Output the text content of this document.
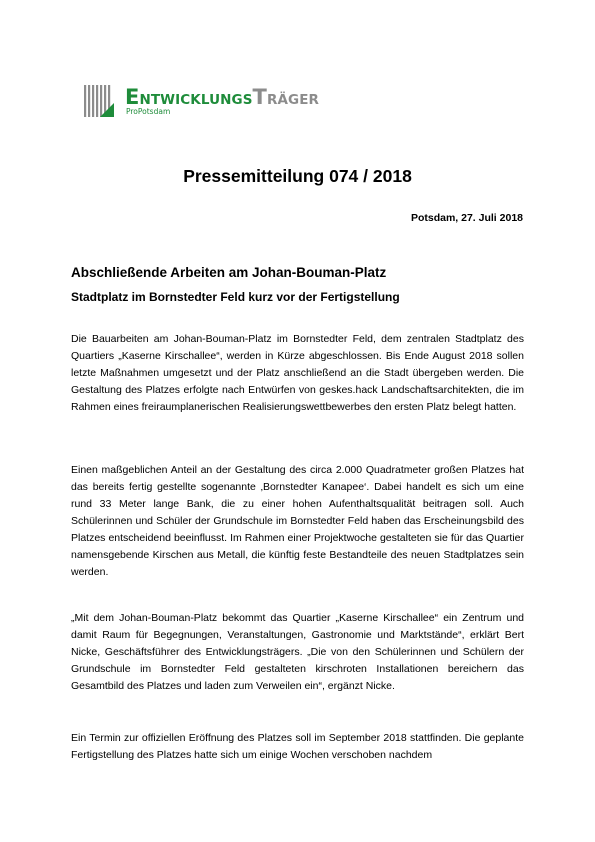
ENTWICKLUNGSTRÄGER
ProPotsdam
Pressemitteilung 074 / 2018
Potsdam, 27. Juli 2018
Abschließende Arbeiten am Johan-Bouman-Platz
Stadtplatz im Bornstedter Feld kurz vor der Fertigstellung

Die Bauarbeiten am Johan-Bouman-Platz im Bornstedter Feld, dem zentralen Stadtplatz des Quartiers „Kaserne Kirschallee“, werden in Kürze abgeschlossen. Bis Ende August 2018 sollen letzte Maßnahmen umgesetzt und der Platz anschließend an die Stadt übergeben werden. Die Gestaltung des Platzes erfolgte nach Entwürfen von geskes.hack Landschaftsarchitekten, die im Rahmen eines freiraumplanerischen Realisierungswettbewerbes den ersten Platz belegt hatten.

Einen maßgeblichen Anteil an der Gestaltung des circa 2.000 Quadratmeter großen Platzes hat das bereits fertig gestellte sogenannte ‚Bornstedter Kanapee‘. Dabei handelt es sich um eine rund 33 Meter lange Bank, die zu einer hohen Aufenthaltsqualität beitragen soll. Auch Schülerinnen und Schüler der Grundschule im Bornstedter Feld haben das Erscheinungsbild des Platzes entscheidend beeinflusst. Im Rahmen einer Projektwoche gestalteten sie für das Quartier namensgebende Kirschen aus Metall, die künftig feste Bestandteile des neuen Stadtplatzes sein werden.

„Mit dem Johan-Bouman-Platz bekommt das Quartier „Kaserne Kirschallee“ ein Zentrum und damit Raum für Begegnungen, Veranstaltungen, Gastronomie und Marktstände“, erklärt Bert Nicke, Geschäftsführer des Entwicklungsträgers. „Die von den Schülerinnen und Schülern der Grundschule im Bornstedter Feld gestalteten kirschroten Installationen bereichern das Gesamtbild des Platzes und laden zum Verweilen ein“, ergänzt Nicke.

Ein Termin zur offiziellen Eröffnung des Platzes soll im September 2018 stattfinden. Die geplante Fertigstellung des Platzes hatte sich um einige Wochen verschoben nachdem
